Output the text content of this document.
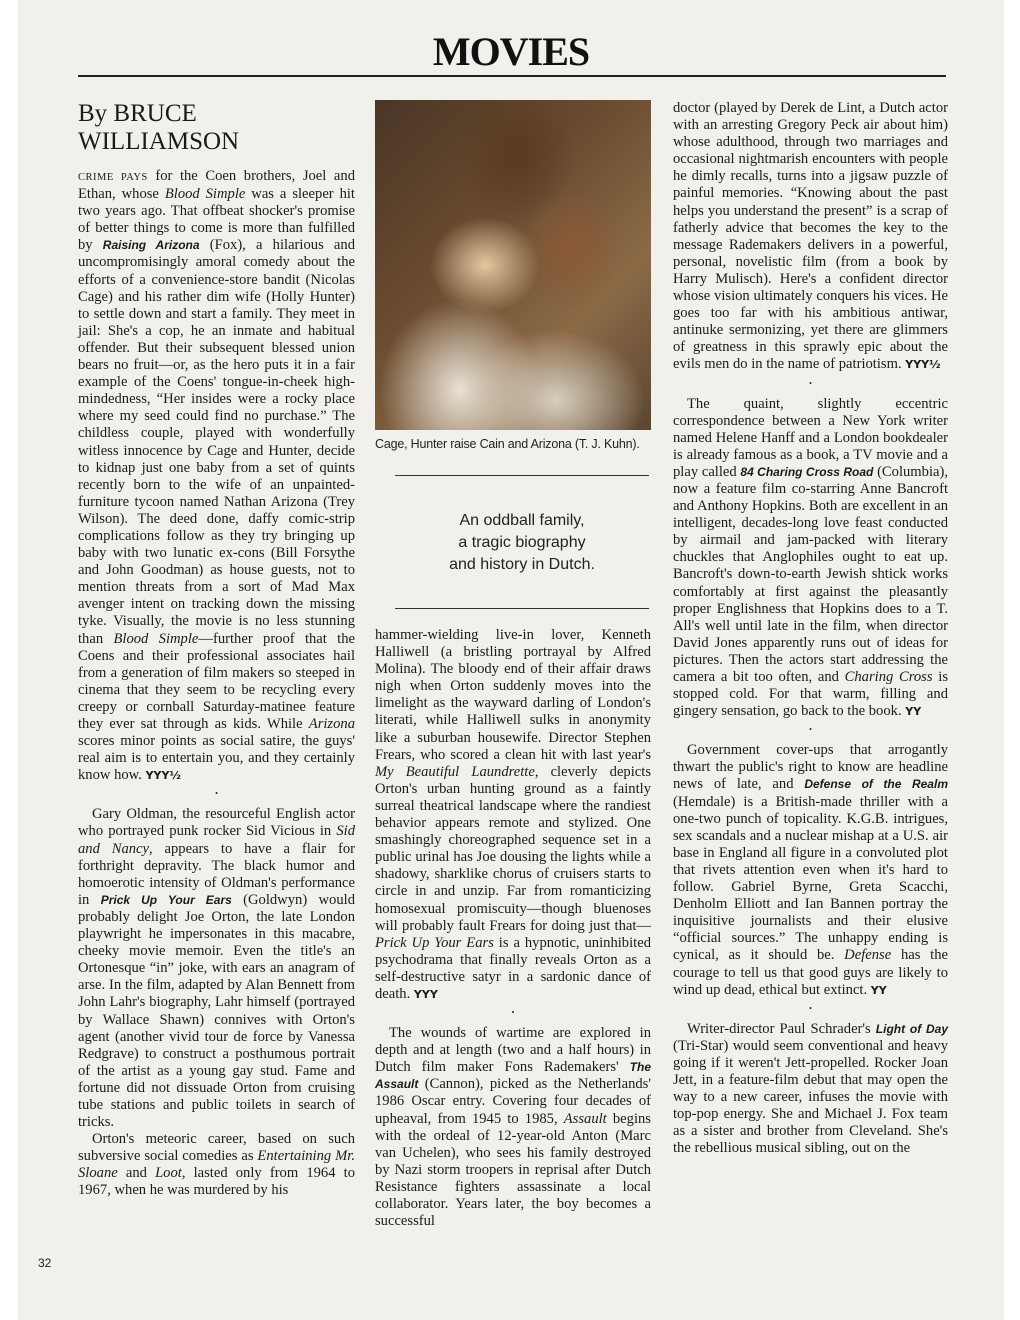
MOVIES
By BRUCE WILLIAMSON

CRIME PAYS for the Coen brothers, Joel and Ethan, whose Blood Simple was a sleeper hit two years ago. That offbeat shocker's promise of better things to come is more than fulfilled by Raising Arizona (Fox), a hilarious and uncompromisingly amoral comedy about the efforts of a convenience-store bandit (Nicolas Cage) and his rather dim wife (Holly Hunter) to settle down and start a family. They meet in jail: She's a cop, he an inmate and habitual offender. But their subsequent blessed union bears no fruit—or, as the hero puts it in a fair example of the Coens' tongue-in-cheek high-mindedness, “Her insides were a rocky place where my seed could find no purchase.” The childless couple, played with wonderfully witless innocence by Cage and Hunter, decide to kidnap just one baby from a set of quints recently born to the wife of an unpainted-furniture tycoon named Nathan Arizona (Trey Wilson). The deed done, daffy comic-strip complications follow as they try bringing up baby with two lunatic ex-cons (Bill Forsythe and John Goodman) as house guests, not to mention threats from a sort of Mad Max avenger intent on tracking down the missing tyke. Visually, the movie is no less stunning than Blood Simple—further proof that the Coens and their professional associates hail from a generation of film makers so steeped in cinema that they seem to be recycling every creepy or cornball Saturday-matinee feature they ever sat through as kids. While Arizona scores minor points as social satire, the guys' real aim is to entertain you, and they certainly know how. YYY½

•

Gary Oldman, the resourceful English actor who portrayed punk rocker Sid Vicious in Sid and Nancy, appears to have a flair for forthright depravity. The black humor and homoerotic intensity of Oldman's performance in Prick Up Your Ears (Goldwyn) would probably delight Joe Orton, the late London playwright he impersonates in this macabre, cheeky movie memoir. Even the title's an Ortonesque “in” joke, with ears an anagram of arse. In the film, adapted by Alan Bennett from John Lahr's biography, Lahr himself (portrayed by Wallace Shawn) connives with Orton's agent (another vivid tour de force by Vanessa Redgrave) to construct a posthumous portrait of the artist as a young gay stud. Fame and fortune did not dissuade Orton from cruising tube stations and public toilets in search of tricks.

Orton's meteoric career, based on such subversive social comedies as Entertaining Mr. Sloane and Loot, lasted only from 1964 to 1967, when he was murdered by his

Cage, Hunter raise Cain and Arizona (T. J. Kuhn).
An oddball family,
a tragic biography
and history in Dutch.

hammer-wielding live-in lover, Kenneth Halliwell (a bristling portrayal by Alfred Molina). The bloody end of their affair draws nigh when Orton suddenly moves into the limelight as the wayward darling of London's literati, while Halliwell sulks in anonymity like a suburban housewife. Director Stephen Frears, who scored a clean hit with last year's My Beautiful Laundrette, cleverly depicts Orton's urban hunting ground as a faintly surreal theatrical landscape where the randiest behavior appears remote and stylized. One smashingly choreographed sequence set in a public urinal has Joe dousing the lights while a shadowy, sharklike chorus of cruisers starts to circle in and unzip. Far from romanticizing homosexual promiscuity—though bluenoses will probably fault Frears for doing just that—Prick Up Your Ears is a hypnotic, uninhibited psychodrama that finally reveals Orton as a self-destructive satyr in a sardonic dance of death. YYY

•

The wounds of wartime are explored in depth and at length (two and a half hours) in Dutch film maker Fons Rademakers' The Assault (Cannon), picked as the Netherlands' 1986 Oscar entry. Covering four decades of upheaval, from 1945 to 1985, Assault begins with the ordeal of 12-year-old Anton (Marc van Uchelen), who sees his family destroyed by Nazi storm troopers in reprisal after Dutch Resistance fighters assassinate a local collaborator. Years later, the boy becomes a successful

doctor (played by Derek de Lint, a Dutch actor with an arresting Gregory Peck air about him) whose adulthood, through two marriages and occasional nightmarish encounters with people he dimly recalls, turns into a jigsaw puzzle of painful memories. “Knowing about the past helps you understand the present” is a scrap of fatherly advice that becomes the key to the message Rademakers delivers in a powerful, personal, novelistic film (from a book by Harry Mulisch). Here's a confident director whose vision ultimately conquers his vices. He goes too far with his ambitious antiwar, antinuke sermonizing, yet there are glimmers of greatness in this sprawly epic about the evils men do in the name of patriotism. YYY½

•

The quaint, slightly eccentric correspondence between a New York writer named Helene Hanff and a London bookdealer is already famous as a book, a TV movie and a play called 84 Charing Cross Road (Columbia), now a feature film co-starring Anne Bancroft and Anthony Hopkins. Both are excellent in an intelligent, decades-long love feast conducted by airmail and jam-packed with literary chuckles that Anglophiles ought to eat up. Bancroft's down-to-earth Jewish shtick works comfortably at first against the pleasantly proper Englishness that Hopkins does to a T. All's well until late in the film, when director David Jones apparently runs out of ideas for pictures. Then the actors start addressing the camera a bit too often, and Charing Cross is stopped cold. For that warm, filling and gingery sensation, go back to the book. YY

•

Government cover-ups that arrogantly thwart the public's right to know are headline news of late, and Defense of the Realm (Hemdale) is a British-made thriller with a one-two punch of topicality. K.G.B. intrigues, sex scandals and a nuclear mishap at a U.S. air base in England all figure in a convoluted plot that rivets attention even when it's hard to follow. Gabriel Byrne, Greta Scacchi, Denholm Elliott and Ian Bannen portray the inquisitive journalists and their elusive “official sources.” The unhappy ending is cynical, as it should be. Defense has the courage to tell us that good guys are likely to wind up dead, ethical but extinct. YY

•

Writer-director Paul Schrader's Light of Day (Tri-Star) would seem conventional and heavy going if it weren't Jett-propelled. Rocker Joan Jett, in a feature-film debut that may open the way to a new career, infuses the movie with top-pop energy. She and Michael J. Fox team as a sister and brother from Cleveland. She's the rebellious musical sibling, out on the

32
